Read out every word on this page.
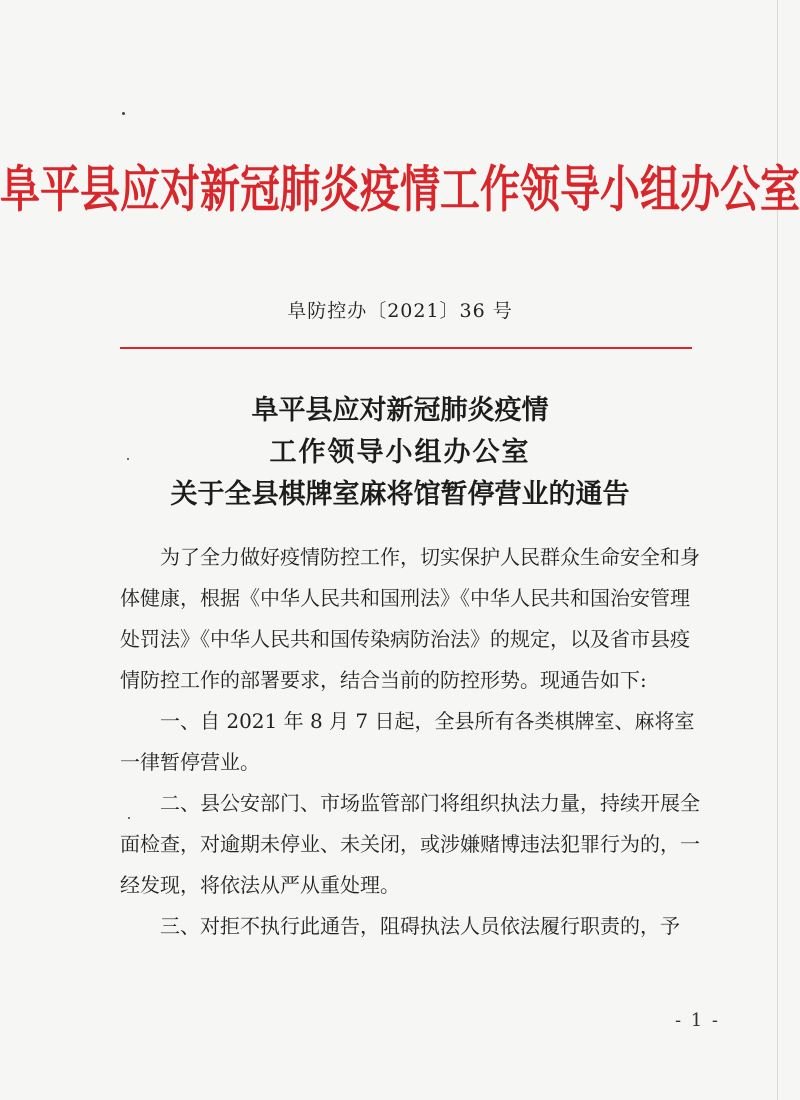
阜平县应对新冠肺炎疫情工作领导小组办公室
阜防控办〔2021〕36 号
阜平县应对新冠肺炎疫情
工作领导小组办公室
关于全县棋牌室麻将馆暂停营业的通告

为了全力做好疫情防控工作，切实保护人民群众生命安全和身体健康，根据《中华人民共和国刑法》《中华人民共和国治安管理处罚法》《中华人民共和国传染病防治法》的规定，以及省市县疫情防控工作的部署要求，结合当前的防控形势。现通告如下:

一、自 2021 年 8 月 7 日起，全县所有各类棋牌室、麻将室一律暂停营业。

二、县公安部门、市场监管部门将组织执法力量，持续开展全面检查，对逾期未停业、未关闭，或涉嫌赌博违法犯罪行为的，一经发现，将依法从严从重处理。

三、对拒不执行此通告，阻碍执法人员依法履行职责的，予

- 1 -
